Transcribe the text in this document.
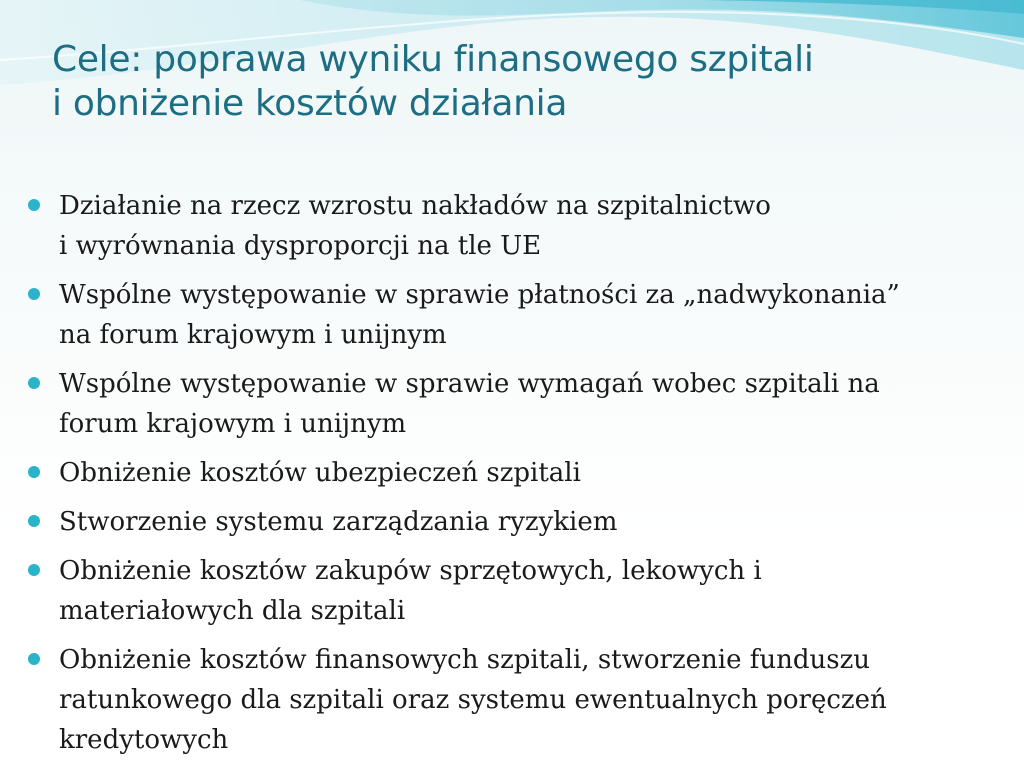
Cele: poprawa wyniku finansowego szpitali
i obniżenie kosztów działania
Działanie na rzecz wzrostu nakładów na szpitalnictwo
i wyrównania dysproporcji na tle UE
Wspólne występowanie w sprawie płatności za „nadwykonania”
na forum krajowym i unijnym
Wspólne występowanie w sprawie wymagań wobec szpitali na
forum krajowym i unijnym
Obniżenie kosztów ubezpieczeń szpitali
Stworzenie systemu zarządzania ryzykiem
Obniżenie kosztów zakupów sprzętowych, lekowych i
materiałowych dla szpitali
Obniżenie kosztów finansowych szpitali, stworzenie funduszu
ratunkowego dla szpitali oraz systemu ewentualnych poręczeń
kredytowych
